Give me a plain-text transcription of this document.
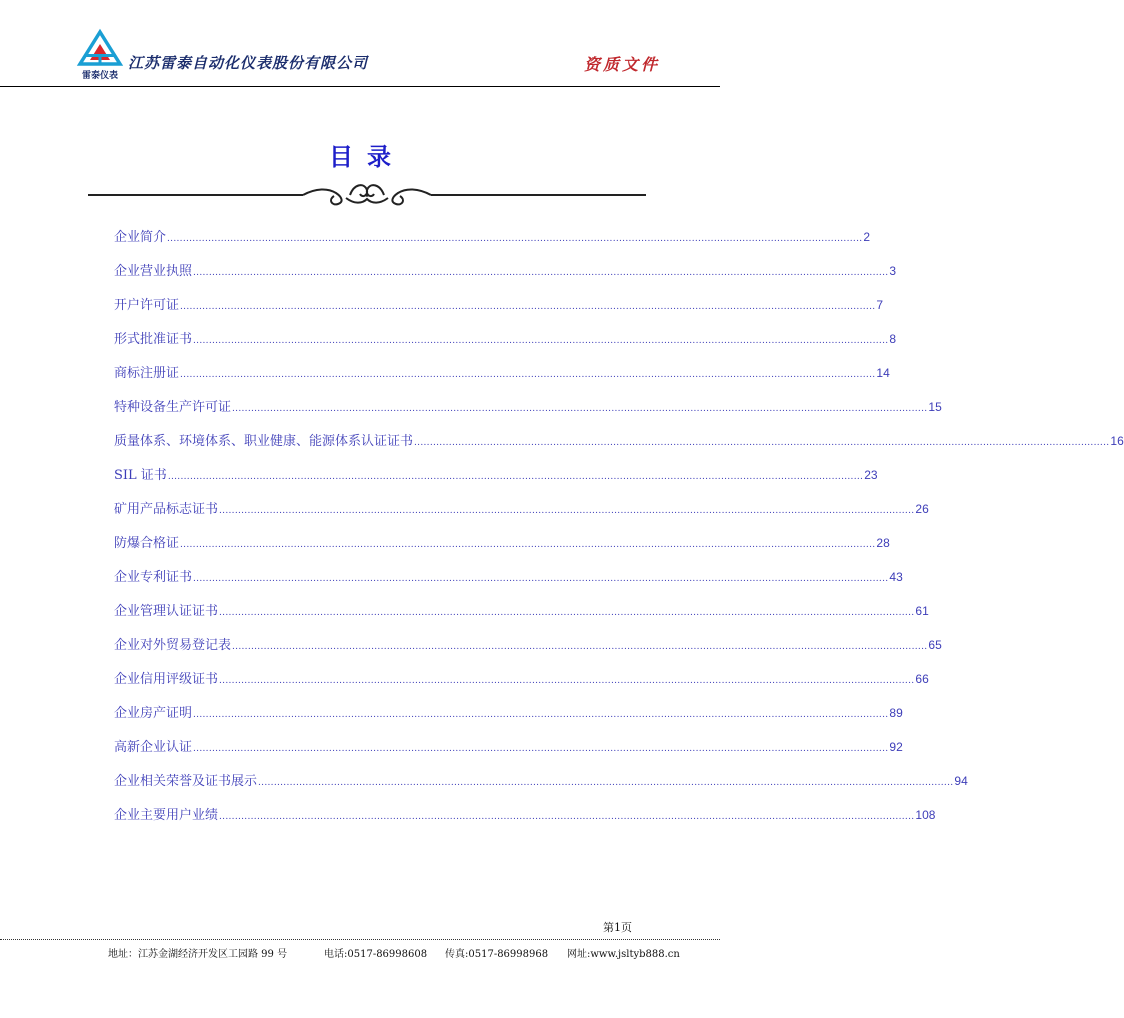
雷泰仪表
江苏雷泰自动化仪表股份有限公司	资质文件
目录
企业简介 ............................................................................................................................................................................................................................ 2
企业营业执照 ............................................................................................................................................................................................................................ 3
开户许可证 ............................................................................................................................................................................................................................ 7
形式批准证书 ............................................................................................................................................................................................................................ 8
商标注册证 ............................................................................................................................................................................................................................ 14
特种设备生产许可证 ............................................................................................................................................................................................................................ 15
质量体系、环境体系、职业健康、能源体系认证证书 ............................................................................................................................................................................................................................ 16
SIL 证书 ............................................................................................................................................................................................................................ 23
矿用产品标志证书 ............................................................................................................................................................................................................................ 26
防爆合格证 ............................................................................................................................................................................................................................ 28
企业专利证书 ............................................................................................................................................................................................................................ 43
企业管理认证证书 ............................................................................................................................................................................................................................ 61
企业对外贸易登记表 ............................................................................................................................................................................................................................ 65
企业信用评级证书 ............................................................................................................................................................................................................................ 66
企业房产证明 ............................................................................................................................................................................................................................ 89
高新企业认证 ............................................................................................................................................................................................................................ 92
企业相关荣誉及证书展示 ............................................................................................................................................................................................................................ 94
企业主要用户业绩 ............................................................................................................................................................................................................................ 108
第1页
地址：江苏金湖经济开发区工园路 99 号	电话:0517-86998608 传真:0517-86998968 网址:www.jsltyb888.cn
